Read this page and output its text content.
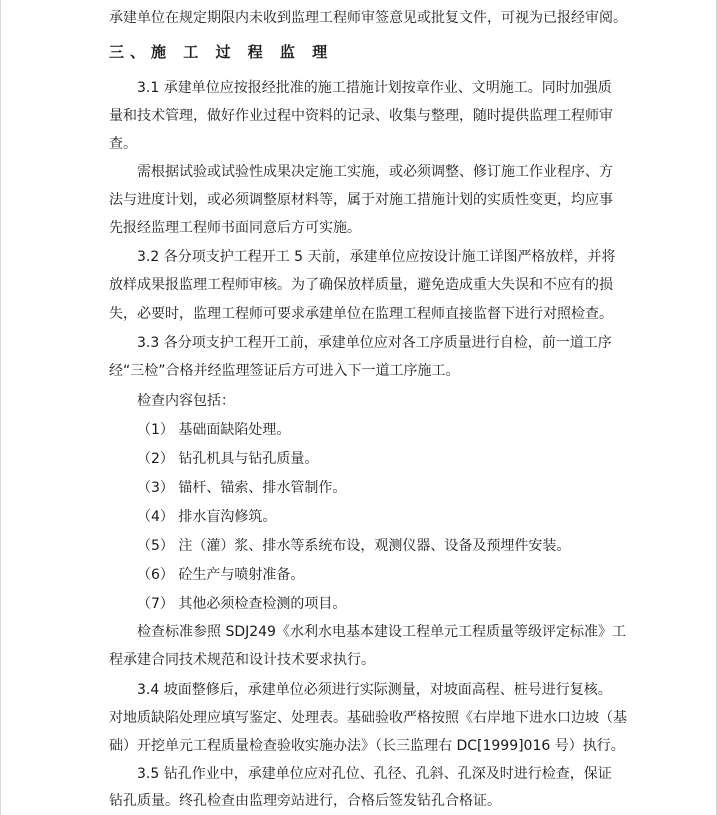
承建单位在规定期限内未收到监理工程师审签意见或批复文件，可视为已报经审阅。
三、施 工 过 程 监 理
3.1 承建单位应按报经批准的施工措施计划按章作业、文明施工。同时加强质
量和技术管理，做好作业过程中资料的记录、收集与整理，随时提供监理工程师审
查。
需根据试验或试验性成果决定施工实施，或必须调整、修订施工作业程序、方
法与进度计划，或必须调整原材料等，属于对施工措施计划的实质性变更，均应事
先报经监理工程师书面同意后方可实施。
3.2 各分项支护工程开工 5 天前，承建单位应按设计施工详图严格放样，并将
放样成果报监理工程师审核。为了确保放样质量，避免造成重大失误和不应有的损
失，必要时，监理工程师可要求承建单位在监理工程师直接监督下进行对照检查。
3.3 各分项支护工程开工前，承建单位应对各工序质量进行自检，前一道工序
经“三检”合格并经监理签证后方可进入下一道工序施工。
检查内容包括：
（1） 基础面缺陷处理。
（2） 钻孔机具与钻孔质量。
（3） 锚杆、锚索、排水管制作。
（4） 排水盲沟修筑。
（5） 注（灌）浆、排水等系统布设，观测仪器、设备及预埋件安装。
（6） 砼生产与喷射准备。
（7） 其他必须检查检测的项目。
检查标准参照 SDJ249《水利水电基本建设工程单元工程质量等级评定标准》工
程承建合同技术规范和设计技术要求执行。
3.4 坡面整修后，承建单位必须进行实际测量，对坡面高程、桩号进行复核。
对地质缺陷处理应填写鉴定、处理表。基础验收严格按照《右岸地下进水口边坡（基
础）开挖单元工程质量检查验收实施办法》（长三监理右 DC[1999]016 号）执行。
3.5 钻孔作业中，承建单位应对孔位、孔径、孔斜、孔深及时进行检查，保证
钻孔质量。终孔检查由监理旁站进行，合格后签发钻孔合格证。
